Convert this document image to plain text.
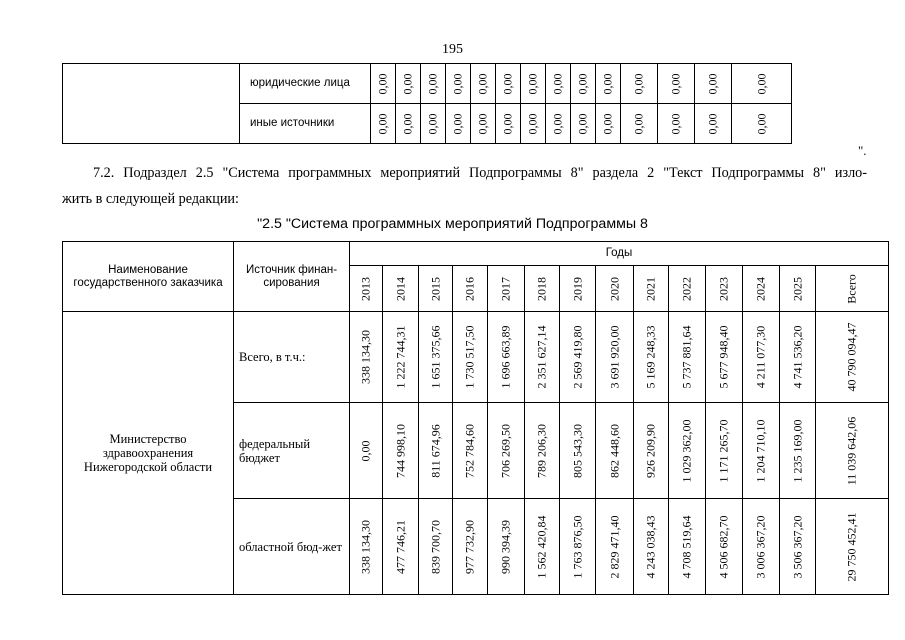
195
	юридические лица	0,00	0,00	0,00	0,00	0,00	0,00	0,00	0,00	0,00	0,00	0,00	0,00	0,00	0,00

	иные источники	0,00	0,00	0,00	0,00	0,00	0,00	0,00	0,00	0,00	0,00	0,00	0,00	0,00	0,00
".
7.2. Подраздел 2.5 "Система программных мероприятий Подпрограммы 8" раздела 2 "Текст Подпрограммы 8" изло-
жить в следующей редакции:
"2.5 "Система программных мероприятий Подпрограммы 8
Наименование государственного заказчика	Источник финан-сирования	Годы													

		2013	2014	2015	2016	2017	2018	2019	2020	2021	2022	2023	2024	2025	Всего

Министерство здравоохранения Нижегородской области	Всего, в т.ч.:	338 134,30	1 222 744,31	1 651 375,66	1 730 517,50	1 696 663,89	2 351 627,14	2 569 419,80	3 691 920,00	5 169 248,33	5 737 881,64	5 677 948,40	4 211 077,30	4 741 536,20	40 790 094,47

	федеральный бюджет	0,00	744 998,10	811 674,96	752 784,60	706 269,50	789 206,30	805 543,30	862 448,60	926 209,90	1 029 362,00	1 171 265,70	1 204 710,10	1 235 169,00	11 039 642,06

	областной бюд-жет	338 134,30	477 746,21	839 700,70	977 732,90	990 394,39	1 562 420,84	1 763 876,50	2 829 471,40	4 243 038,43	4 708 519,64	4 506 682,70	3 006 367,20	3 506 367,20	29 750 452,41
